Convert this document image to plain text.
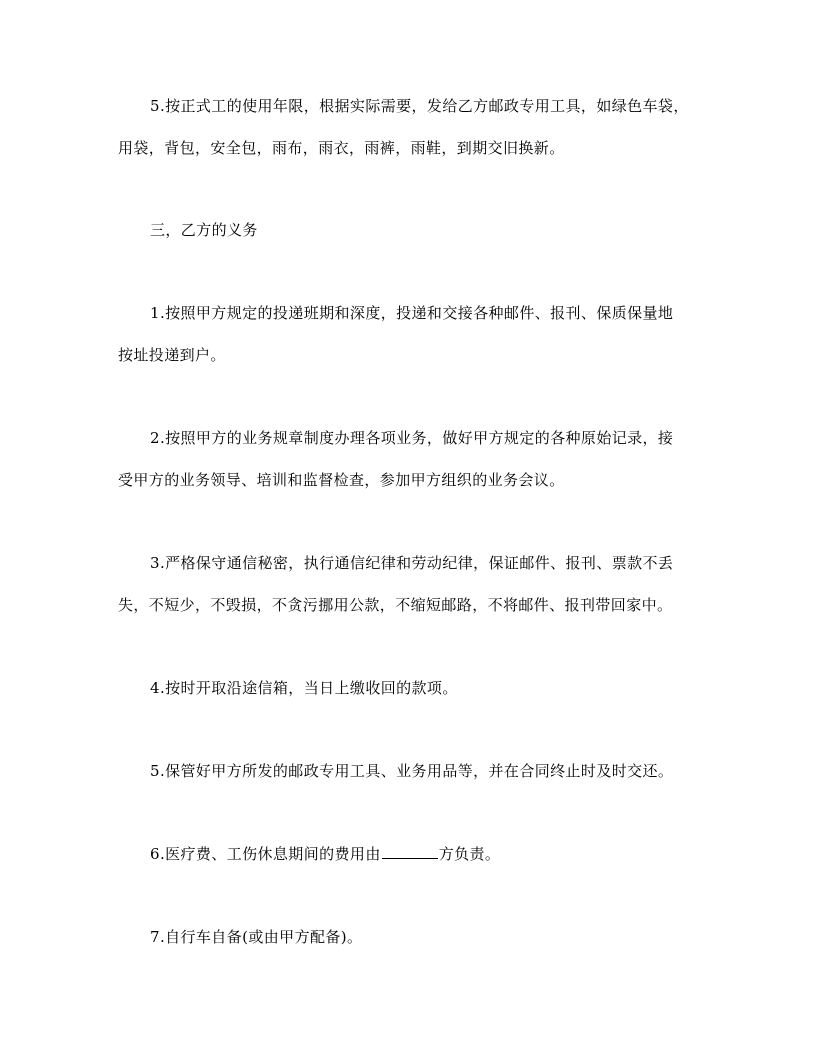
5.按正式工的使用年限，根据实际需要，发给乙方邮政专用工具，如绿色车袋，
用袋，背包，安全包，雨布，雨衣，雨裤，雨鞋，到期交旧换新。
三，乙方的义务
1.按照甲方规定的投递班期和深度，投递和交接各种邮件、报刊、保质保量地
按址投递到户。
2.按照甲方的业务规章制度办理各项业务，做好甲方规定的各种原始记录，接
受甲方的业务领导、培训和监督检查，参加甲方组织的业务会议。
3.严格保守通信秘密，执行通信纪律和劳动纪律，保证邮件、报刊、票款不丢
失，不短少，不毁损，不贪污挪用公款，不缩短邮路，不将邮件、报刊带回家中。
4.按时开取沿途信箱，当日上缴收回的款项。
5.保管好甲方所发的邮政专用工具、业务用品等，并在合同终止时及时交还。
6.医疗费、工伤休息期间的费用由	方负责。
7.自行车自备(或由甲方配备)。
